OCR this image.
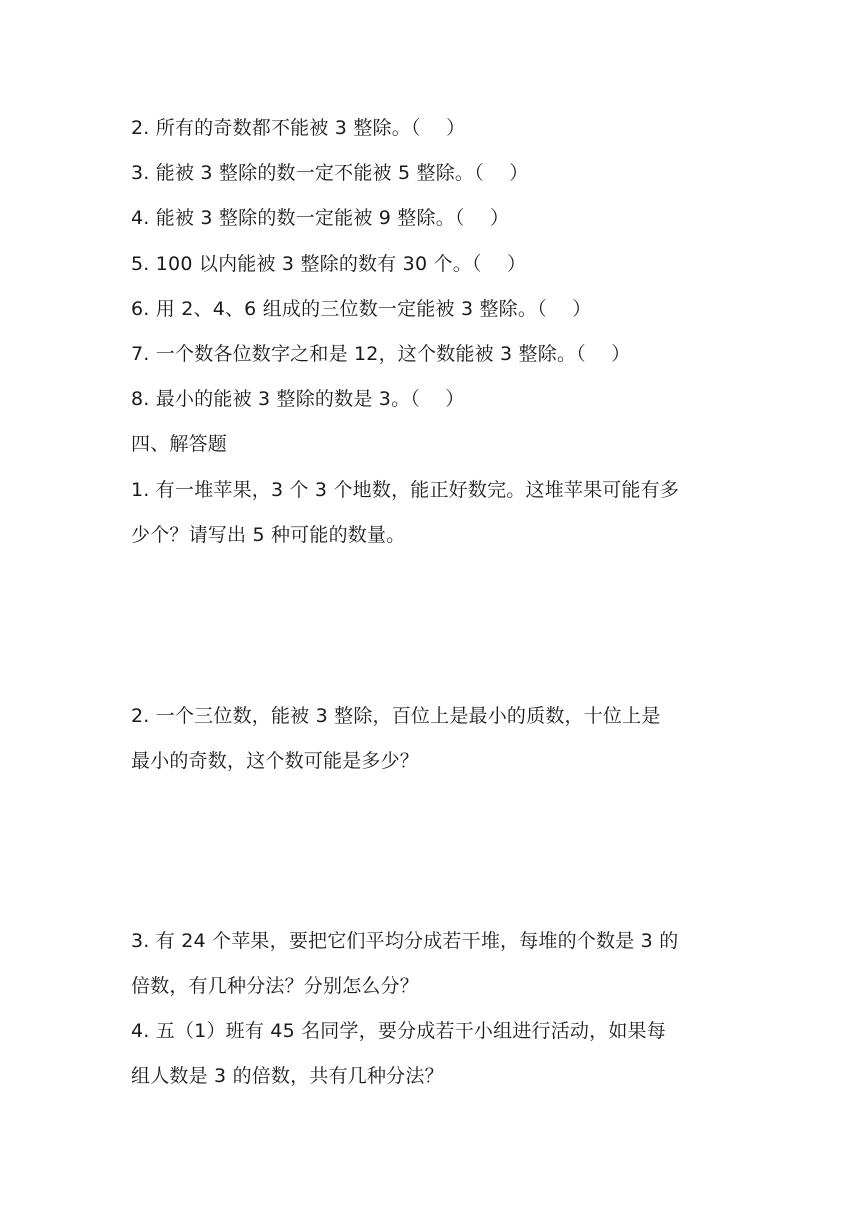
2. 所有的奇数都不能被 3 整除。（　 ）
3. 能被 3 整除的数一定不能被 5 整除。（　 ）
4. 能被 3 整除的数一定能被 9 整除。（　 ）
5. 100 以内能被 3 整除的数有 30 个。（　 ）
6. 用 2、4、6 组成的三位数一定能被 3 整除。（　 ）
7. 一个数各位数字之和是 12，这个数能被 3 整除。（　 ）
8. 最小的能被 3 整除的数是 3。（　 ）
四、解答题
1. 有一堆苹果，3 个 3 个地数，能正好数完。这堆苹果可能有多
少个？请写出 5 种可能的数量。
2. 一个三位数，能被 3 整除，百位上是最小的质数，十位上是
最小的奇数，这个数可能是多少？
3. 有 24 个苹果，要把它们平均分成若干堆，每堆的个数是 3 的
倍数，有几种分法？分别怎么分？
4. 五（1）班有 45 名同学，要分成若干小组进行活动，如果每
组人数是 3 的倍数，共有几种分法？
